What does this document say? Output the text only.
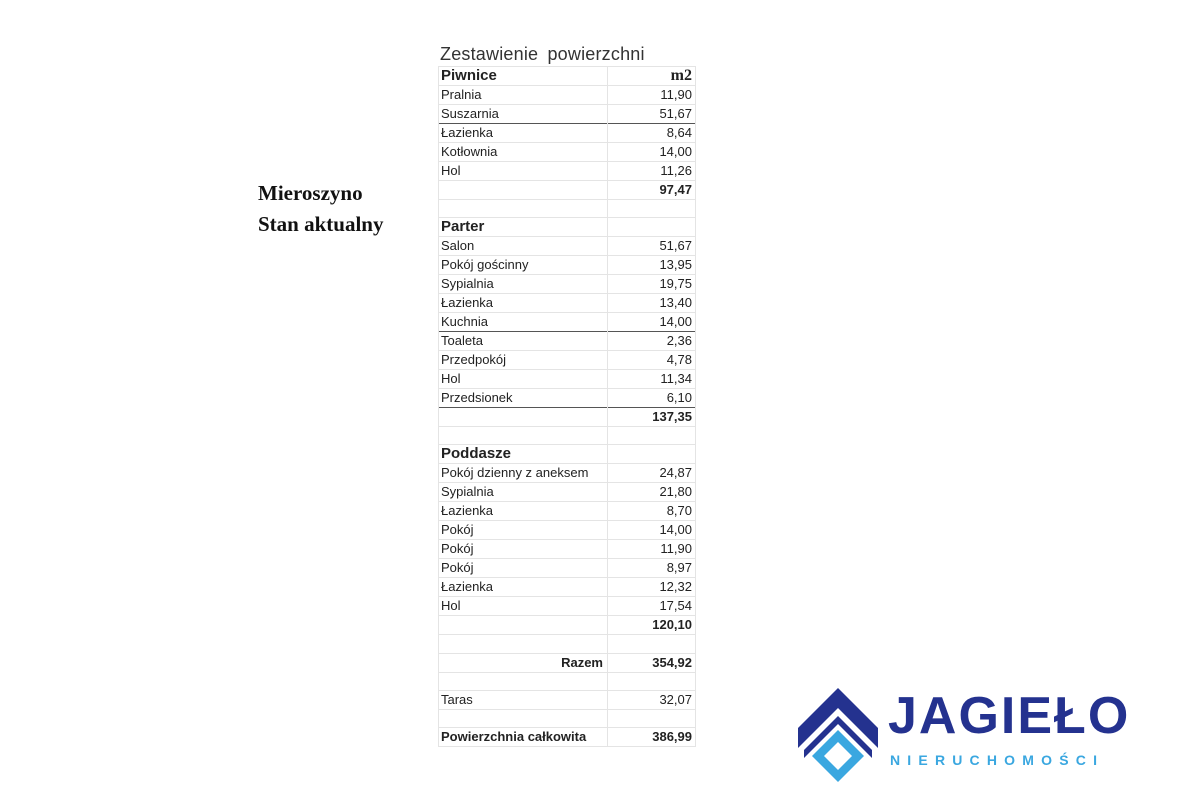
Mieroszyno
Stan aktualny
Zestawienie powierzchni
Piwnice	m2
Pralnia	11,90
Suszarnia	51,67
Łazienka	8,64
Kotłownia	14,00
Hol	11,26
	97,47

Parter	
Salon	51,67
Pokój gościnny	13,95
Sypialnia	19,75
Łazienka	13,40
Kuchnia	14,00
Toaleta	2,36
Przedpokój	4,78
Hol	11,34
Przedsionek	6,10
	137,35

Poddasze	
Pokój dzienny z aneksem	24,87
Sypialnia	21,80
Łazienka	8,70
Pokój	14,00
Pokój	11,90
Pokój	8,97
Łazienka	12,32
Hol	17,54
	120,10

Razem	354,92

Taras	32,07

Powierzchnia całkowita	386,99	JAGIEŁO
NIERUCHOMOŚCI
